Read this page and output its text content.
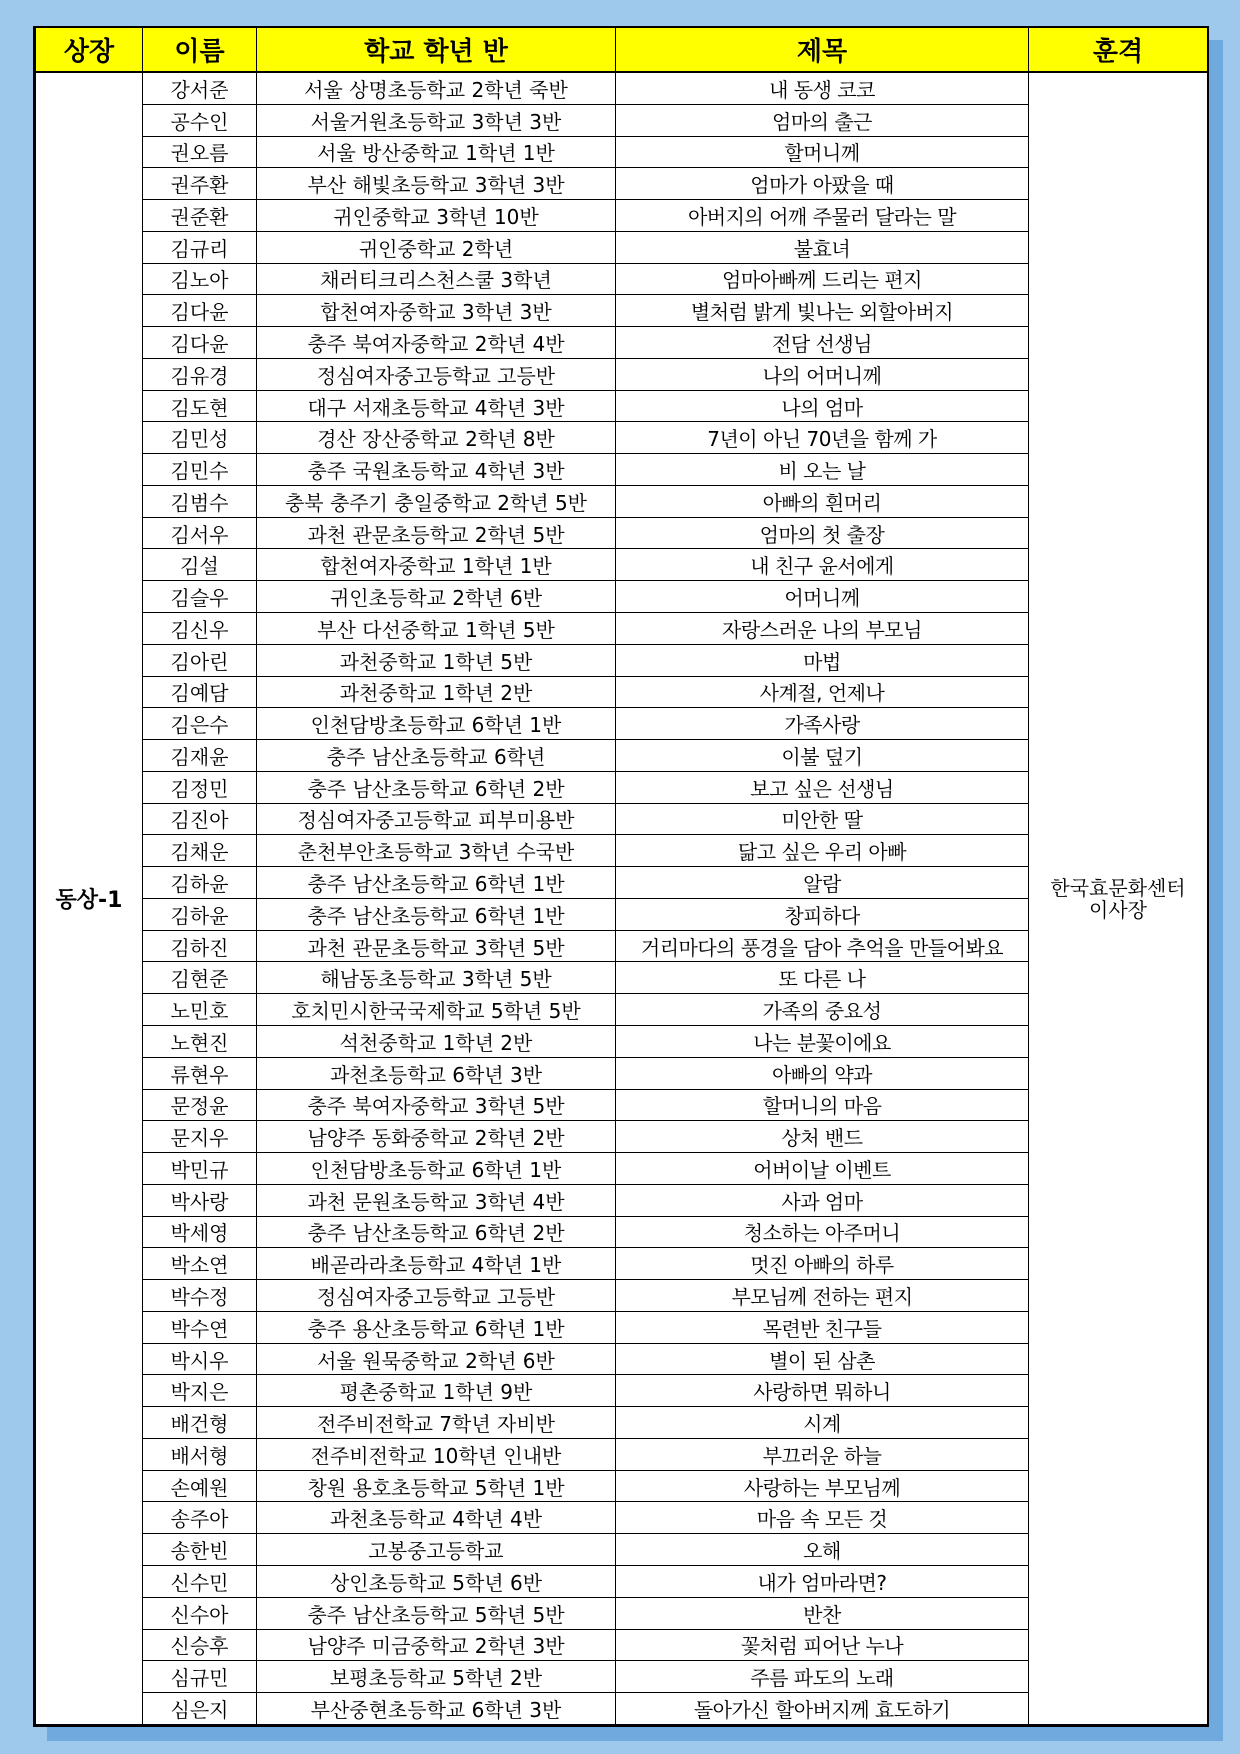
상장	이름	학교 학년 반	제목	훈격
동상-1	강서준	서울 상명초등학교 2학년 죽반	내 동생 코코	한국효문화센터
이사장
	공수인	서울거원초등학교 3학년 3반	엄마의 출근	
	권오름	서울 방산중학교 1학년 1반	할머니께	
	권주환	부산 해빛초등학교 3학년 3반	엄마가 아팠을 때	
	권준환	귀인중학교 3학년 10반	아버지의 어깨 주물러 달라는 말	
	김규리	귀인중학교 2학년	불효녀	
	김노아	채러티크리스천스쿨 3학년	엄마아빠께 드리는 편지	
	김다윤	합천여자중학교 3학년 3반	별처럼 밝게 빛나는 외할아버지	
	김다윤	충주 북여자중학교 2학년 4반	전담 선생님	
	김유경	정심여자중고등학교 고등반	나의 어머니께	
	김도현	대구 서재초등학교 4학년 3반	나의 엄마	
	김민성	경산 장산중학교 2학년 8반	7년이 아닌 70년을 함께 가	
	김민수	충주 국원초등학교 4학년 3반	비 오는 날	
	김범수	충북 충주기 충일중학교 2학년 5반	아빠의 흰머리	
	김서우	과천 관문초등학교 2학년 5반	엄마의 첫 출장	
	김설	합천여자중학교 1학년 1반	내 친구 윤서에게	
	김슬우	귀인초등학교 2학년 6반	어머니께	
	김신우	부산 다선중학교 1학년 5반	자랑스러운 나의 부모님	
	김아린	과천중학교 1학년 5반	마법	
	김예담	과천중학교 1학년 2반	사계절, 언제나	
	김은수	인천담방초등학교 6학년 1반	가족사랑	
	김재윤	충주 남산초등학교 6학년	이불 덮기	
	김정민	충주 남산초등학교 6학년 2반	보고 싶은 선생님	
	김진아	정심여자중고등학교 피부미용반	미안한 딸	
	김채운	춘천부안초등학교 3학년 수국반	닮고 싶은 우리 아빠	
	김하윤	충주 남산초등학교 6학년 1반	알람	
	김하윤	충주 남산초등학교 6학년 1반	창피하다	
	김하진	과천 관문초등학교 3학년 5반	거리마다의 풍경을 담아 추억을 만들어봐요	
	김현준	해남동초등학교 3학년 5반	또 다른 나	
	노민호	호치민시한국국제학교 5학년 5반	가족의 중요성	
	노현진	석천중학교 1학년 2반	나는 분꽃이에요	
	류현우	과천초등학교 6학년 3반	아빠의 약과	
	문정윤	충주 북여자중학교 3학년 5반	할머니의 마음	
	문지우	남양주 동화중학교 2학년 2반	상처 밴드	
	박민규	인천담방초등학교 6학년 1반	어버이날 이벤트	
	박사랑	과천 문원초등학교 3학년 4반	사과 엄마	
	박세영	충주 남산초등학교 6학년 2반	청소하는 아주머니	
	박소연	배곧라라초등학교 4학년 1반	멋진 아빠의 하루	
	박수정	정심여자중고등학교 고등반	부모님께 전하는 편지	
	박수연	충주 용산초등학교 6학년 1반	목련반 친구들	
	박시우	서울 원묵중학교 2학년 6반	별이 된 삼촌	
	박지은	평촌중학교 1학년 9반	사랑하면 뭐하니	
	배건형	전주비전학교 7학년 자비반	시계	
	배서형	전주비전학교 10학년 인내반	부끄러운 하늘	
	손예원	창원 용호초등학교 5학년 1반	사랑하는 부모님께	
	송주아	과천초등학교 4학년 4반	마음 속 모든 것	
	송한빈	고봉중고등학교	오해	
	신수민	상인초등학교 5학년 6반	내가 엄마라면?	
	신수아	충주 남산초등학교 5학년 5반	반찬	
	신승후	남양주 미금중학교 2학년 3반	꽃처럼 피어난 누나	
	심규민	보평초등학교 5학년 2반	주름 파도의 노래	
	심은지	부산중현초등학교 6학년 3반	돌아가신 할아버지께 효도하기	
